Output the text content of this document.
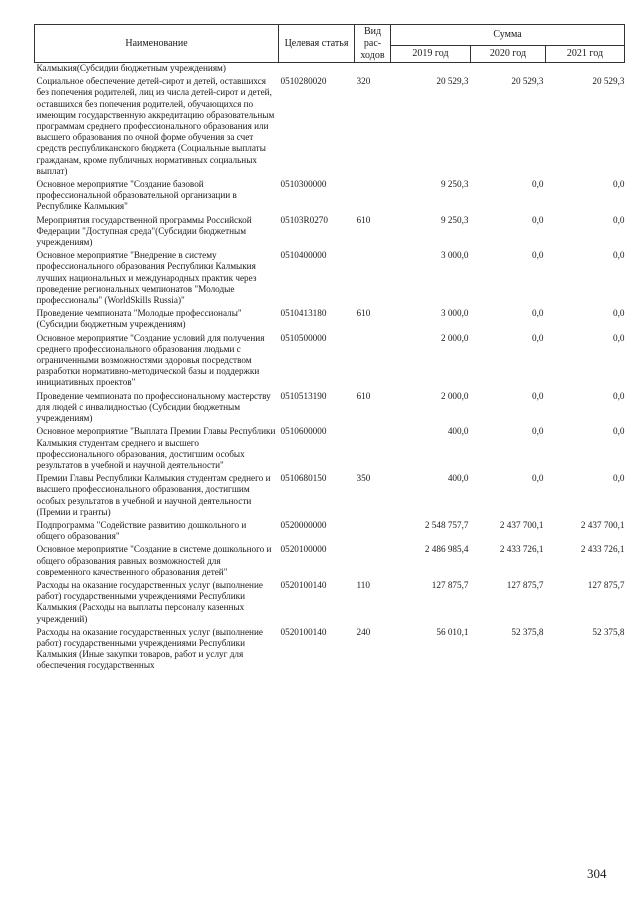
Наименование	Целевая статья	Вид рас-ходов	Сумма		
			2019 год	2020 год	2021 год
Калмыкия(Субсидии бюджетным учреждениям)					
Социальное обеспечение детей-сирот и детей, оставшихся без попечения родителей, лиц из числа детей-сирот и детей, оставшихся без попечения родителей, обучающихся по имеющим государственную аккредитацию образовательным программам среднего профессионального образования или высшего образования по очной форме обучения за счет средств республиканского бюджета (Социальные выплаты гражданам, кроме публичных нормативных социальных выплат)	0510280020	320	20 529,3	20 529,3	20 529,3
Основное мероприятие "Создание базовой профессиональной образовательной организации в Республике Калмыкия"	0510300000		9 250,3	0,0	0,0
Мероприятия государственной программы Российской Федерации "Доступная среда"(Субсидии бюджетным учреждениям)	05103R0270	610	9 250,3	0,0	0,0
Основное мероприятие "Внедрение в систему профессионального образования Республики Калмыкия лучших национальных и международных практик через проведение региональных чемпионатов "Молодые профессионалы" (WorldSkills Russia)"	0510400000		3 000,0	0,0	0,0
Проведение чемпионата "Молодые профессионалы" (Субсидии бюджетным учреждениям)	0510413180	610	3 000,0	0,0	0,0
Основное мероприятие "Создание условий для получения среднего профессионального образования людьми с ограниченными возможностями здоровья посредством разработки нормативно-методической базы и поддержки инициативных проектов"	0510500000		2 000,0	0,0	0,0
Проведение чемпионата по профессиональному мастерству для людей с инвалидностью (Субсидии бюджетным учреждениям)	0510513190	610	2 000,0	0,0	0,0
Основное мероприятие "Выплата Премии Главы Республики Калмыкия студентам среднего и высшего профессионального образования, достигшим особых результатов в учебной и научной деятельности"	0510600000		400,0	0,0	0,0
Премии Главы Республики Калмыкия студентам среднего и высшего профессионального образования, достигшим особых результатов в учебной и научной деятельности (Премии и гранты)	0510680150	350	400,0	0,0	0,0
Подпрограмма "Содействие развитию дошкольного и общего образования"	0520000000		2 548 757,7	2 437 700,1	2 437 700,1
Основное мероприятие "Создание в системе дошкольного и общего образования равных возможностей для современного качественного образования детей"	0520100000		2 486 985,4	2 433 726,1	2 433 726,1
Расходы на оказание государственных услуг (выполнение работ) государственными учреждениями Республики Калмыкия (Расходы на выплаты персоналу казенных учреждений)	0520100140	110	127 875,7	127 875,7	127 875,7
Расходы на оказание государственных услуг (выполнение работ) государственными учреждениями Республики Калмыкия (Иные закупки товаров, работ и услуг для обеспечения государственных	0520100140	240	56 010,1	52 375,8	52 375,8
304
